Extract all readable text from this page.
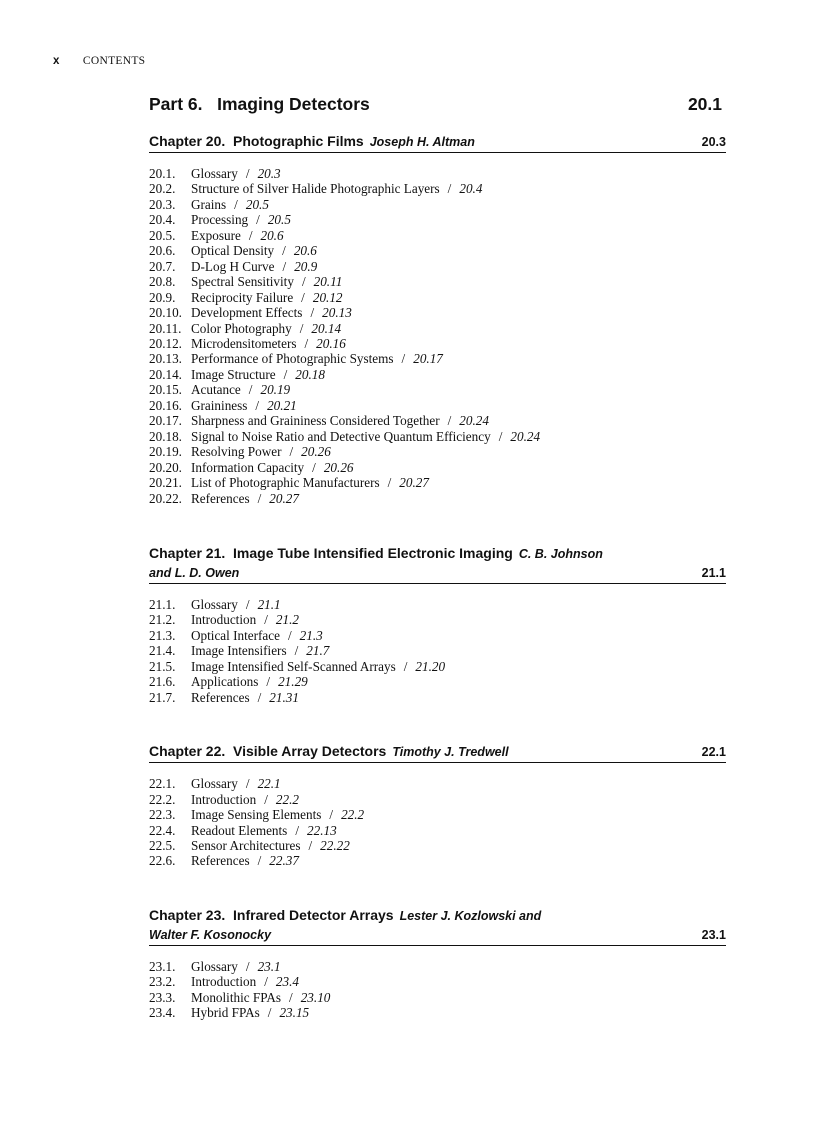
x CONTENTS
Part 6. Imaging Detectors	20.1
Chapter 20. Photographic Films Joseph H. Altman	20.3
20.1.	Glossary / 20.3
20.2.	Structure of Silver Halide Photographic Layers / 20.4
20.3.	Grains / 20.5
20.4.	Processing / 20.5
20.5.	Exposure / 20.6
20.6.	Optical Density / 20.6
20.7.	D-Log H Curve / 20.9
20.8.	Spectral Sensitivity / 20.11
20.9.	Reciprocity Failure / 20.12
20.10. Development Effects / 20.13
20.11. Color Photography / 20.14
20.12. Microdensitometers / 20.16
20.13. Performance of Photographic Systems / 20.17
20.14. Image Structure / 20.18
20.15. Acutance / 20.19
20.16. Graininess / 20.21
20.17. Sharpness and Graininess Considered Together / 20.24
20.18. Signal to Noise Ratio and Detective Quantum Efficiency / 20.24
20.19. Resolving Power / 20.26
20.20. Information Capacity / 20.26
20.21. List of Photographic Manufacturers / 20.27
20.22. References / 20.27
Chapter 21. Image Tube Intensified Electronic Imaging C. B. Johnson
and L. D. Owen	21.1
21.1.	Glossary / 21.1
21.2.	Introduction / 21.2
21.3.	Optical Interface / 21.3
21.4.	Image Intensifiers / 21.7
21.5.	Image Intensified Self-Scanned Arrays / 21.20
21.6.	Applications / 21.29
21.7.	References / 21.31
Chapter 22. Visible Array Detectors Timothy J. Tredwell	22.1
22.1.	Glossary / 22.1
22.2.	Introduction / 22.2
22.3.	Image Sensing Elements / 22.2
22.4.	Readout Elements / 22.13
22.5.	Sensor Architectures / 22.22
22.6.	References / 22.37
Chapter 23. Infrared Detector Arrays Lester J. Kozlowski and
Walter F. Kosonocky	23.1
23.1.	Glossary / 23.1
23.2.	Introduction / 23.4
23.3.	Monolithic FPAs / 23.10
23.4.	Hybrid FPAs / 23.15
